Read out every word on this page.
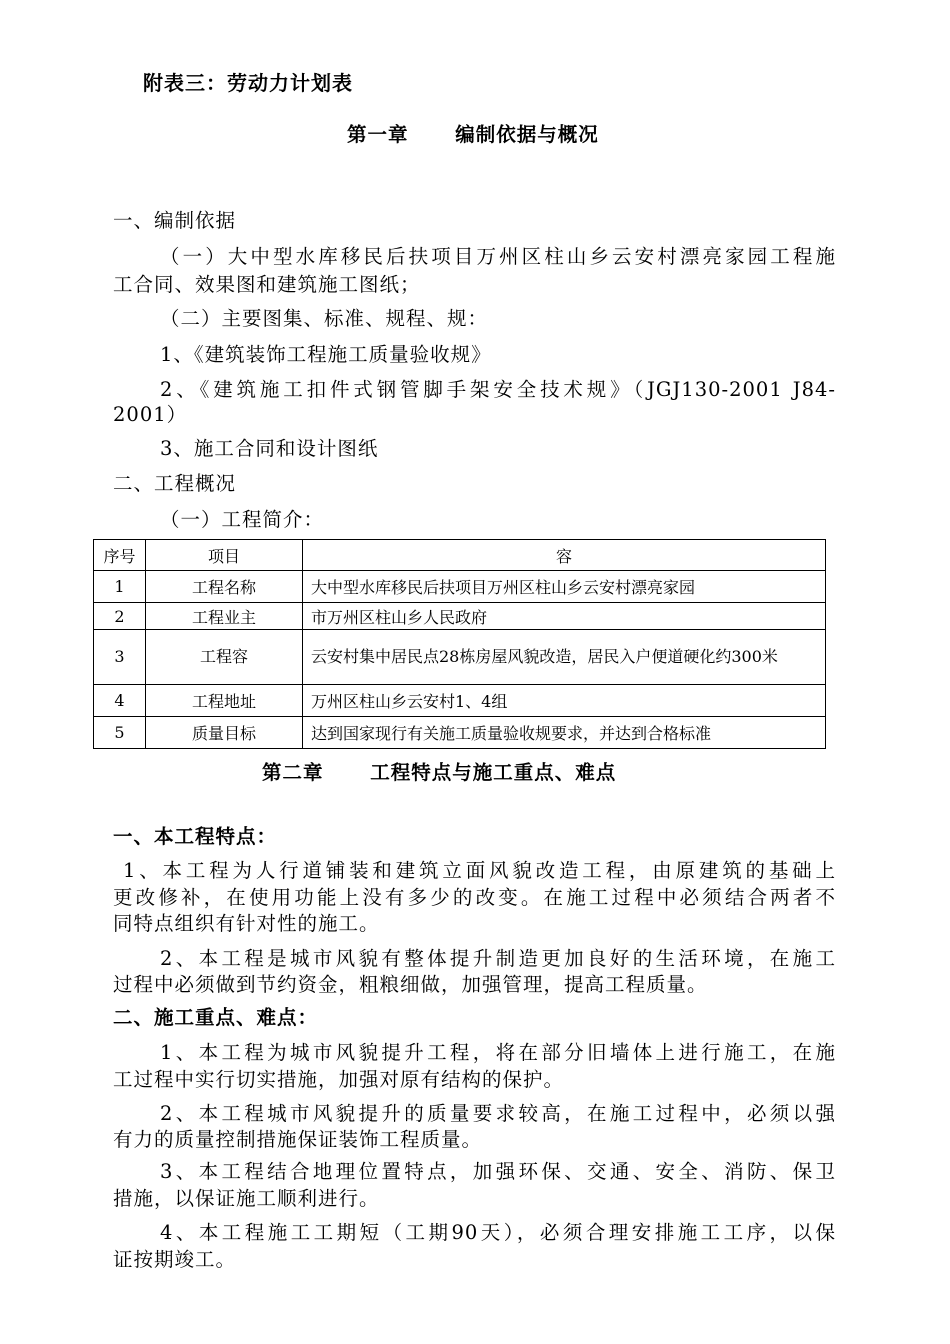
附表三：劳动力计划表
第一章      编制依据与概况
一、编制依据
（一）大中型水库移民后扶项目万州区柱山乡云安村漂亮家园工程施
工合同、效果图和建筑施工图纸；
（二）主要图集、标准、规程、规：
1、《建筑装饰工程施工质量验收规》
2、《建筑施工扣件式钢管脚手架安全技术规》（JGJ130-2001 J84-
2001）
3、施工合同和设计图纸
二、工程概况
（一）工程简介：
序号	项目	容
1	工程名称	大中型水库移民后扶项目万州区柱山乡云安村漂亮家园
2	工程业主	市万州区柱山乡人民政府
3	工程容	云安村集中居民点28栋房屋风貌改造，居民入户便道硬化约300米
4	工程地址	万州区柱山乡云安村1、4组
5	质量目标	达到国家现行有关施工质量验收规要求，并达到合格标准
第二章      工程特点与施工重点、难点
一、本工程特点：
1、本工程为人行道铺装和建筑立面风貌改造工程，由原建筑的基础上
更改修补，在使用功能上没有多少的改变。在施工过程中必须结合两者不
同特点组织有针对性的施工。
2、本工程是城市风貌有整体提升制造更加良好的生活环境，在施工
过程中必须做到节约资金，粗粮细做，加强管理，提高工程质量。
二、施工重点、难点：
1、本工程为城市风貌提升工程，将在部分旧墙体上进行施工，在施
工过程中实行切实措施，加强对原有结构的保护。
2、本工程城市风貌提升的质量要求较高，在施工过程中，必须以强
有力的质量控制措施保证装饰工程质量。
3、本工程结合地理位置特点，加强环保、交通、安全、消防、保卫
措施，以保证施工顺利进行。
4、本工程施工工期短（工期90天），必须合理安排施工工序，以保
证按期竣工。
